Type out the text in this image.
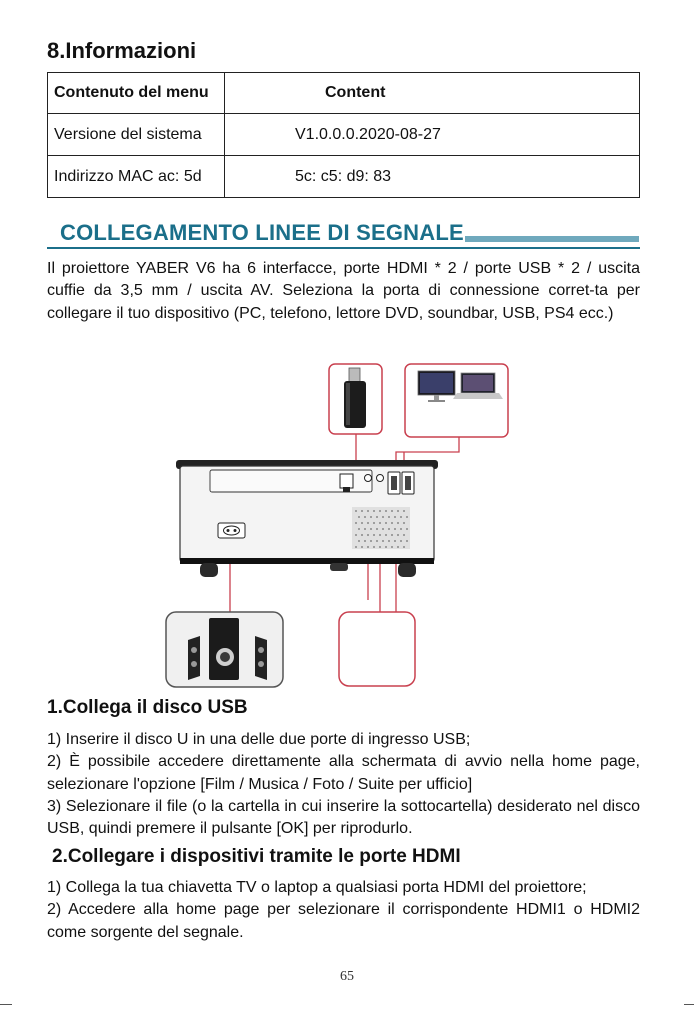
8.Informazioni
Contenuto del menu	Content
Versione del sistema	V1.0.0.0.2020-08-27
Indirizzo MAC ac: 5d	5c: c5: d9: 83
COLLEGAMENTO LINEE DI SEGNALE
Il proiettore YABER V6 ha 6 interfacce, porte HDMI * 2 / porte USB * 2 / uscita cuffie da 3,5 mm / uscita AV. Seleziona la porta di connessione corret-ta per collegare il tuo dispositivo (PC, telefono, lettore DVD, soundbar, USB, PS4 ecc.)
1.Collega il disco USB

1) Inserire il disco U in una delle due porte di ingresso USB;

2) È possibile accedere direttamente alla schermata di avvio nella home page, selezionare l'opzione [Film / Musica / Foto / Suite per ufficio]

3) Selezionare il file (o la cartella in cui inserire la sottocartella) desiderato nel disco USB, quindi premere il pulsante [OK] per riprodurlo.

2.Collegare i dispositivi tramite le porte HDMI

1) Collega la tua chiavetta TV o laptop a qualsiasi porta HDMI del proiettore;

2) Accedere alla home page per selezionare il corrispondente HDMI1 o HDMI2 come sorgente del segnale.

65
